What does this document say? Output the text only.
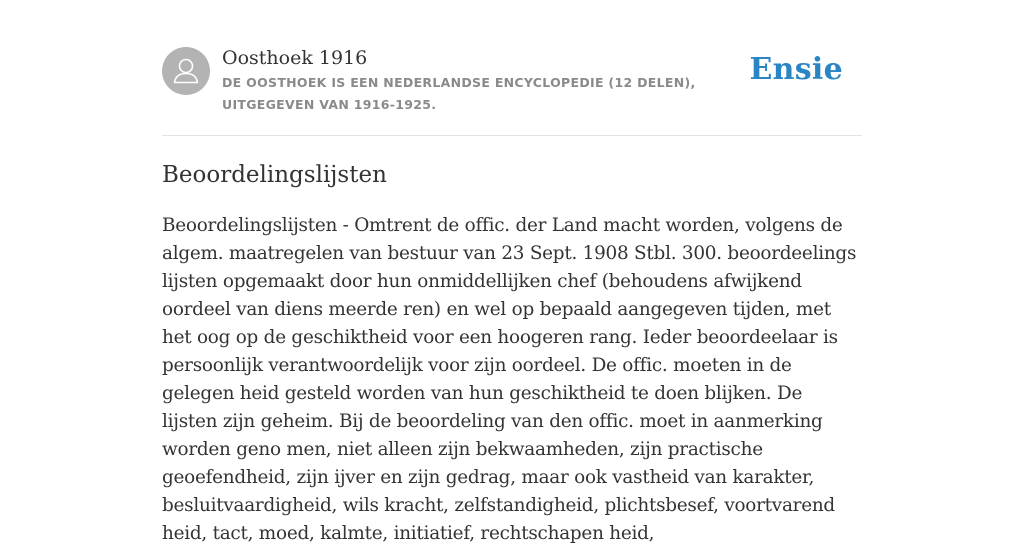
Oosthoek 1916
DE OOSTHOEK IS EEN NEDERLANDSE ENCYCLOPEDIE (12 DELEN), UITGEGEVEN VAN 1916-1925.
Ensie
Beoordelingslijsten

Beoordelingslijsten - Omtrent de offic. der Land macht worden, volgens de algem. maatregelen van bestuur van 23 Sept. 1908 Stbl. 300. beoordeelings lijsten opgemaakt door hun onmiddellijken chef (behoudens afwijkend oordeel van diens meerde ren) en wel op bepaald aangegeven tijden, met het oog op de geschiktheid voor een hoogeren rang. Ieder beoordeelaar is persoonlijk verantwoordelijk voor zijn oordeel. De offic. moeten in de gelegen heid gesteld worden van hun geschiktheid te doen blijken. De lijsten zijn geheim. Bij de beoordeling van den offic. moet in aanmerking worden geno men, niet alleen zijn bekwaamheden, zijn practische geoefendheid, zijn ijver en zijn gedrag, maar ook vastheid van karakter, besluitvaardigheid, wils kracht, zelfstandigheid, plichtsbesef, voortvarend heid, tact, moed, kalmte, initiatief, rechtschapen heid,
